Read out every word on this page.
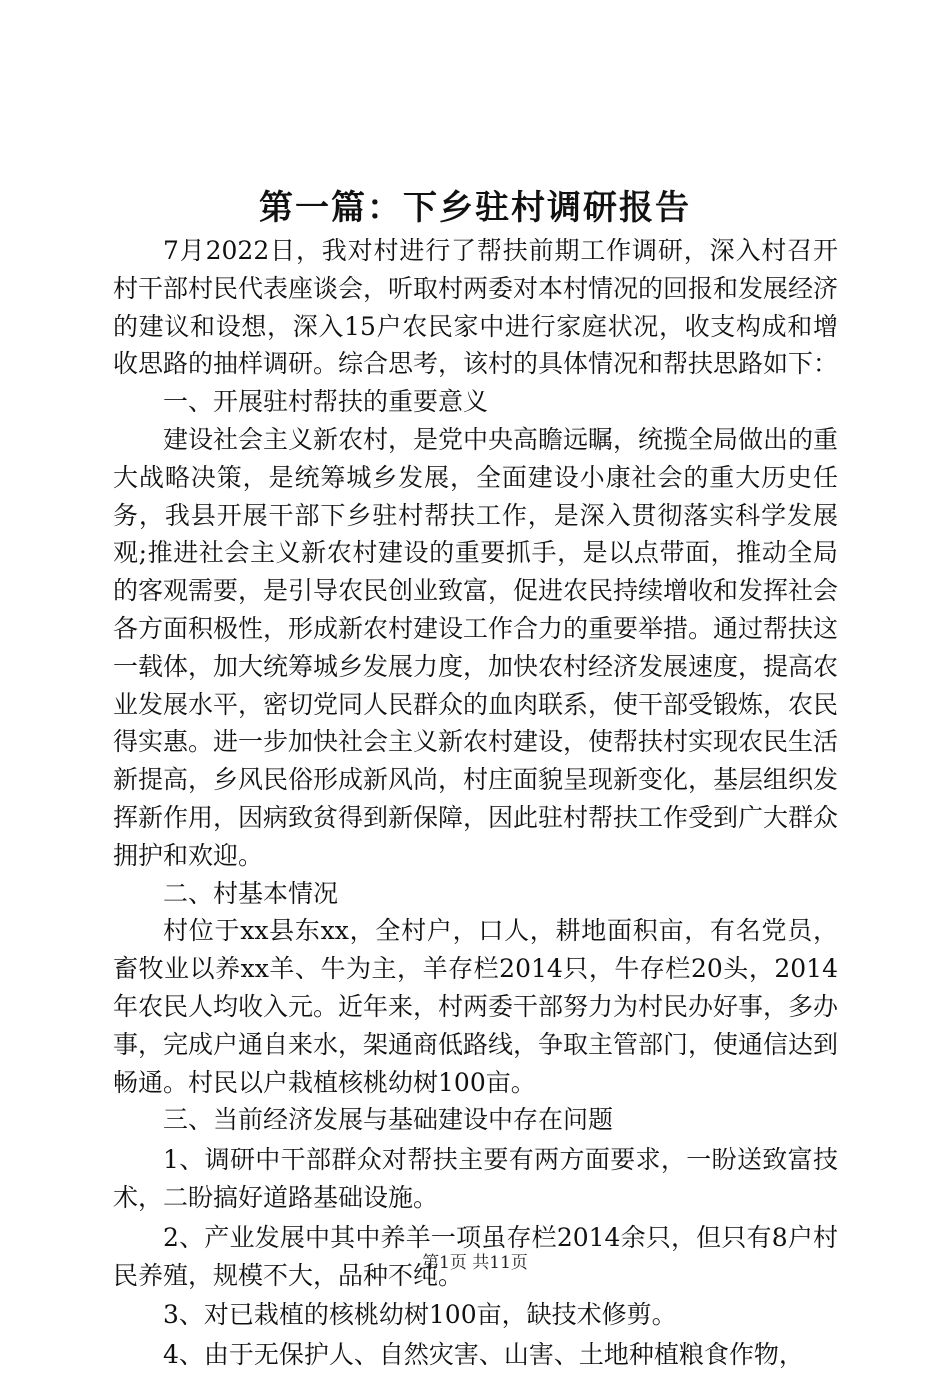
第一篇：下乡驻村调研报告

7月2022日，我对村进行了帮扶前期工作调研，深入村召开村干部村民代表座谈会，听取村两委对本村情况的回报和发展经济的建议和设想，深入15户农民家中进行家庭状况，收支构成和增收思路的抽样调研。综合思考，该村的具体情况和帮扶思路如下：

一、开展驻村帮扶的重要意义

建设社会主义新农村，是党中央高瞻远瞩，统揽全局做出的重大战略决策，是统筹城乡发展，全面建设小康社会的重大历史任务，我县开展干部下乡驻村帮扶工作，是深入贯彻落实科学发展观;推进社会主义新农村建设的重要抓手，是以点带面，推动全局的客观需要，是引导农民创业致富，促进农民持续增收和发挥社会各方面积极性，形成新农村建设工作合力的重要举措。通过帮扶这一载体，加大统筹城乡发展力度，加快农村经济发展速度，提高农业发展水平，密切党同人民群众的血肉联系，使干部受锻炼，农民得实惠。进一步加快社会主义新农村建设，使帮扶村实现农民生活新提高，乡风民俗形成新风尚，村庄面貌呈现新变化，基层组织发挥新作用，因病致贫得到新保障，因此驻村帮扶工作受到广大群众拥护和欢迎。

二、村基本情况

村位于xx县东xx，全村户，口人，耕地面积亩，有名党员，畜牧业以养xx羊、牛为主，羊存栏2014只，牛存栏20头，2014年农民人均收入元。近年来，村两委干部努力为村民办好事，多办事，完成户通自来水，架通商低路线，争取主管部门，使通信达到畅通。村民以户栽植核桃幼树100亩。

三、当前经济发展与基础建设中存在问题

1、调研中干部群众对帮扶主要有两方面要求，一盼送致富技术，二盼搞好道路基础设施。

2、产业发展中其中养羊一项虽存栏2014余只，但只有8户村民养殖，规模不大，品种不纯。

3、对已栽植的核桃幼树100亩，缺技术修剪。

4、由于无保护人、自然灾害、山害、土地种植粮食作物，

第1页 共11页
